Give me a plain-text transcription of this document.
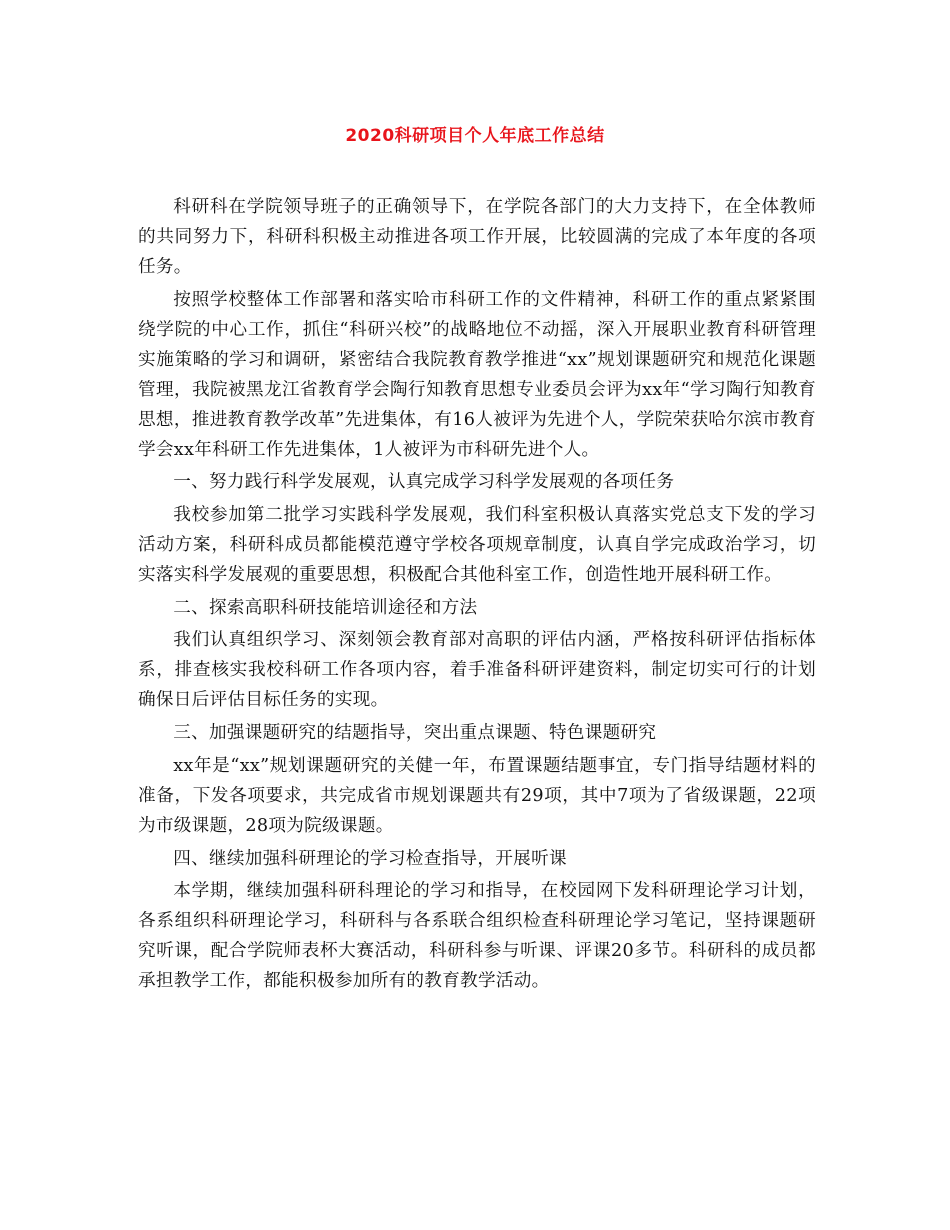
2020科研项目个人年底工作总结

科研科在学院领导班子的正确领导下，在学院各部门的大力支持下，在全体教师的共同努力下，科研科积极主动推进各项工作开展，比较圆满的完成了本年度的各项任务。

按照学校整体工作部署和落实哈市科研工作的文件精神，科研工作的重点紧紧围绕学院的中心工作，抓住“科研兴校”的战略地位不动摇，深入开展职业教育科研管理实施策略的学习和调研，紧密结合我院教育教学推进“xx”规划课题研究和规范化课题管理，我院被黑龙江省教育学会陶行知教育思想专业委员会评为xx年“学习陶行知教育思想，推进教育教学改革”先进集体，有16人被评为先进个人，学院荣获哈尔滨市教育学会xx年科研工作先进集体，1人被评为市科研先进个人。

一、努力践行科学发展观，认真完成学习科学发展观的各项任务

我校参加第二批学习实践科学发展观，我们科室积极认真落实党总支下发的学习活动方案，科研科成员都能模范遵守学校各项规章制度，认真自学完成政治学习，切实落实科学发展观的重要思想，积极配合其他科室工作，创造性地开展科研工作。

二、探索高职科研技能培训途径和方法

我们认真组织学习、深刻领会教育部对高职的评估内涵，严格按科研评估指标体系，排查核实我校科研工作各项内容，着手准备科研评建资料，制定切实可行的计划确保日后评估目标任务的实现。

三、加强课题研究的结题指导，突出重点课题、特色课题研究

xx年是“xx”规划课题研究的关健一年，布置课题结题事宜，专门指导结题材料的准备，下发各项要求，共完成省市规划课题共有29项，其中7项为了省级课题，22项为市级课题，28项为院级课题。

四、继续加强科研理论的学习检查指导，开展听课

本学期，继续加强科研科理论的学习和指导，在校园网下发科研理论学习计划，各系组织科研理论学习，科研科与各系联合组织检查科研理论学习笔记，坚持课题研究听课，配合学院师表杯大赛活动，科研科参与听课、评课20多节。科研科的成员都承担教学工作，都能积极参加所有的教育教学活动。
